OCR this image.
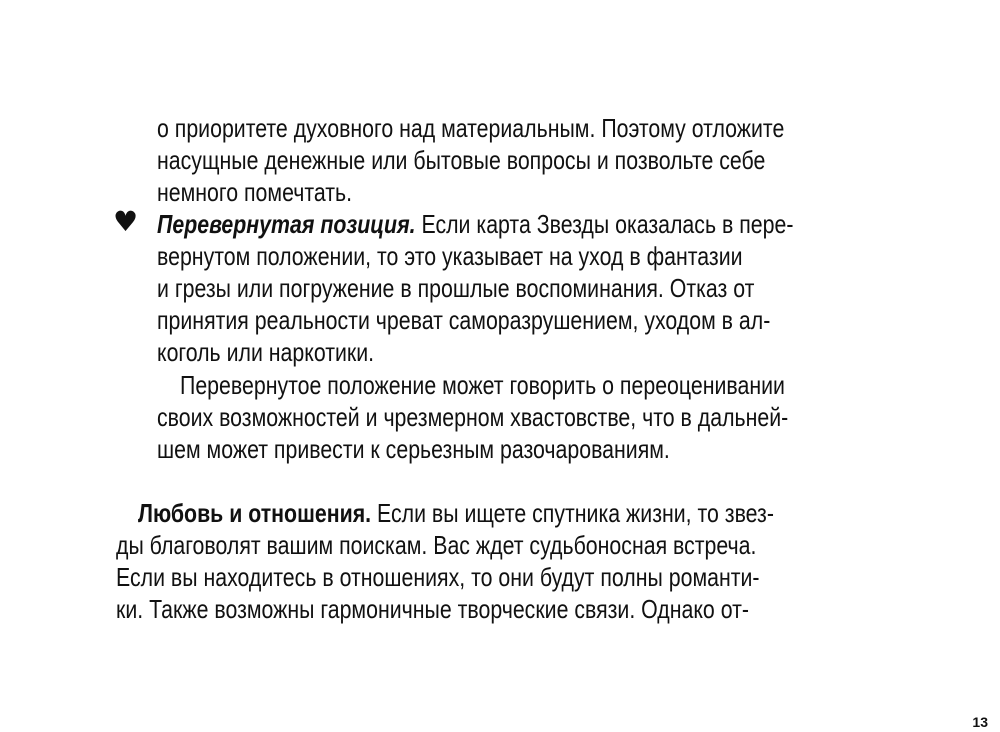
о приоритете духовного над материальным. Поэтому отложите
насущные денежные или бытовые вопросы и позвольте себе
немного помечтать.
♥ Перевернутая позиция. Если карта Звезды оказалась в пере-
вернутом положении, то это указывает на уход в фантазии
и грезы или погружение в прошлые воспоминания. Отказ от
принятия реальности чреват саморазрушением, уходом в ал-
коголь или наркотики.
Перевернутое положение может говорить о переоценивании
своих возможностей и чрезмерном хвастовстве, что в дальней-
шем может привести к серьезным разочарованиям.
Любовь и отношения. Если вы ищете спутника жизни, то звез-
ды благоволят вашим поискам. Вас ждет судьбоносная встреча.
Если вы находитесь в отношениях, то они будут полны романти-
ки. Также возможны гармоничные творческие связи. Однако от-
13
